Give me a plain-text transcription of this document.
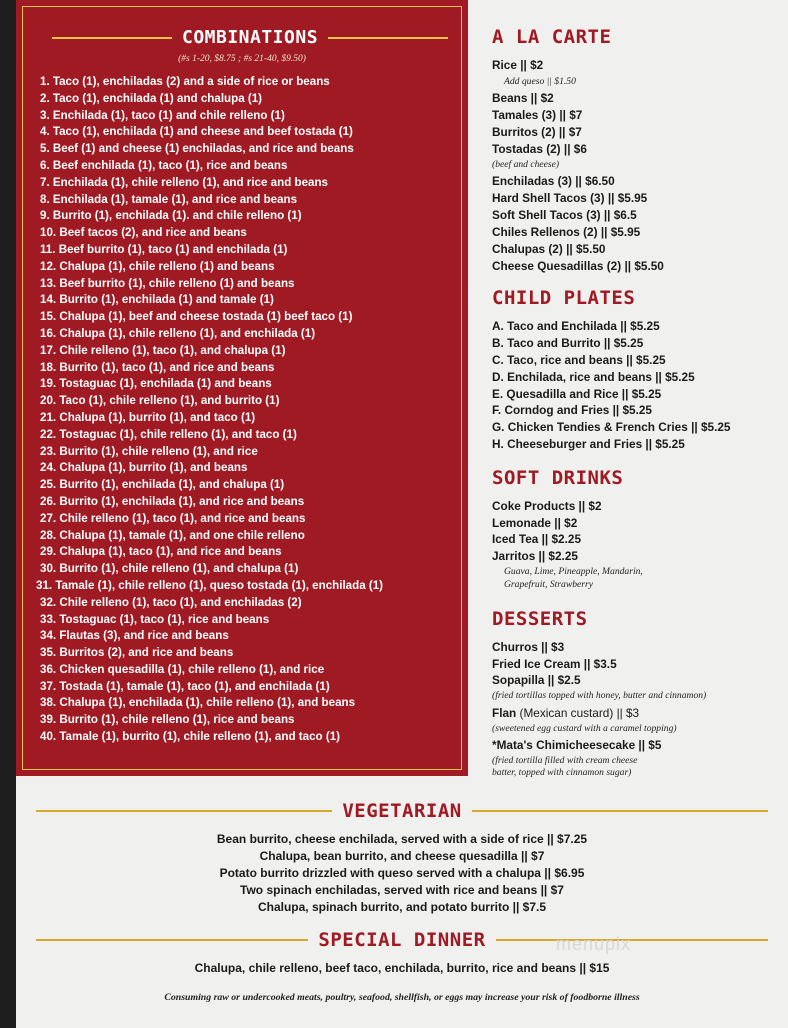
COMBINATIONS
(#s 1-20, $8.75 ; #s 21-40, $9.50)
1. Taco (1), enchiladas (2) and a side of rice or beans
2. Taco (1), enchilada (1) and chalupa (1)
3. Enchilada (1), taco (1) and chile relleno (1)
4. Taco (1), enchilada (1) and cheese and beef tostada (1)
5. Beef (1) and cheese (1) enchiladas, and rice and beans
6. Beef enchilada (1), taco (1), rice and beans
7. Enchilada (1), chile relleno (1), and rice and beans
8. Enchilada (1), tamale (1), and rice and beans
9. Burrito (1), enchilada (1). and chile relleno (1)
10. Beef tacos (2), and rice and beans
11. Beef burrito (1), taco (1) and enchilada (1)
12. Chalupa (1), chile relleno (1) and beans
13. Beef burrito (1), chile relleno (1) and beans
14. Burrito (1), enchilada (1) and tamale (1)
15. Chalupa (1), beef and cheese tostada (1) beef taco (1)
16. Chalupa (1), chile relleno (1), and enchilada (1)
17. Chile relleno (1), taco (1), and chalupa (1)
18. Burrito (1), taco (1), and rice and beans
19. Tostaguac (1), enchilada (1) and beans
20. Taco (1), chile relleno (1), and burrito (1)
21. Chalupa (1), burrito (1), and taco (1)
22. Tostaguac (1), chile relleno (1), and taco (1)
23. Burrito (1), chile relleno (1), and rice
24. Chalupa (1), burrito (1), and beans
25. Burrito (1), enchilada (1), and chalupa (1)
26. Burrito (1), enchilada (1), and rice and beans
27. Chile relleno (1), taco (1), and rice and beans
28. Chalupa (1), tamale (1), and one chile relleno
29. Chalupa (1), taco (1), and rice and beans
30. Burrito (1), chile relleno (1), and chalupa (1)
31. Tamale (1), chile relleno (1), queso tostada (1), enchilada (1)
32. Chile relleno (1), taco (1), and enchiladas (2)
33. Tostaguac (1), taco (1), rice and beans
34. Flautas (3), and rice and beans
35. Burritos (2), and rice and beans
36. Chicken quesadilla (1), chile relleno (1), and rice
37. Tostada (1), tamale (1), taco (1), and enchilada (1)
38. Chalupa (1), enchilada (1), chile relleno (1), and beans
39. Burrito (1), chile relleno (1), rice and beans
40. Tamale (1), burrito (1), chile relleno (1), and taco (1)
A LA CARTE
Rice || $2
Add queso || $1.50
Beans || $2
Tamales (3) || $7
Burritos (2) || $7
Tostadas (2) || $6
(beef and cheese)
Enchiladas (3) || $6.50
Hard Shell Tacos (3) || $5.95
Soft Shell Tacos (3) || $6.5
Chiles Rellenos (2) || $5.95
Chalupas (2) || $5.50
Cheese Quesadillas (2) || $5.50
CHILD PLATES
A. Taco and Enchilada || $5.25
B. Taco and Burrito || $5.25
C. Taco, rice and beans || $5.25
D. Enchilada, rice and beans || $5.25
E. Quesadilla and Rice || $5.25
F. Corndog and Fries || $5.25
G. Chicken Tendies & French Cries || $5.25
H. Cheeseburger and Fries || $5.25
SOFT DRINKS
Coke Products || $2
Lemonade || $2
Iced Tea || $2.25
Jarritos || $2.25
Guava, Lime, Pineapple, Mandarin,
Grapefruit, Strawberry
DESSERTS
Churros || $3
Fried Ice Cream || $3.5
Sopapilla || $2.5
(fried tortillas topped with honey, butter and cinnamon)
Flan (Mexican custard) || $3
(sweetened egg custard with a caramel topping)
*Mata's Chimicheesecake || $5
(fried tortilla filled with cream cheese
batter, topped with cinnamon sugar)
VEGETARIAN
Bean burrito, cheese enchilada, served with a side of rice || $7.25
Chalupa, bean burrito, and cheese quesadilla || $7
Potato burrito drizzled with queso served with a chalupa || $6.95
Two spinach enchiladas, served with rice and beans || $7
Chalupa, spinach burrito, and potato burrito || $7.5
SPECIAL DINNER	menupix
Chalupa, chile relleno, beef taco, enchilada, burrito, rice and beans || $15
Consuming raw or undercooked meats, poultry, seafood, shellfish, or eggs may increase your risk of foodborne illness
